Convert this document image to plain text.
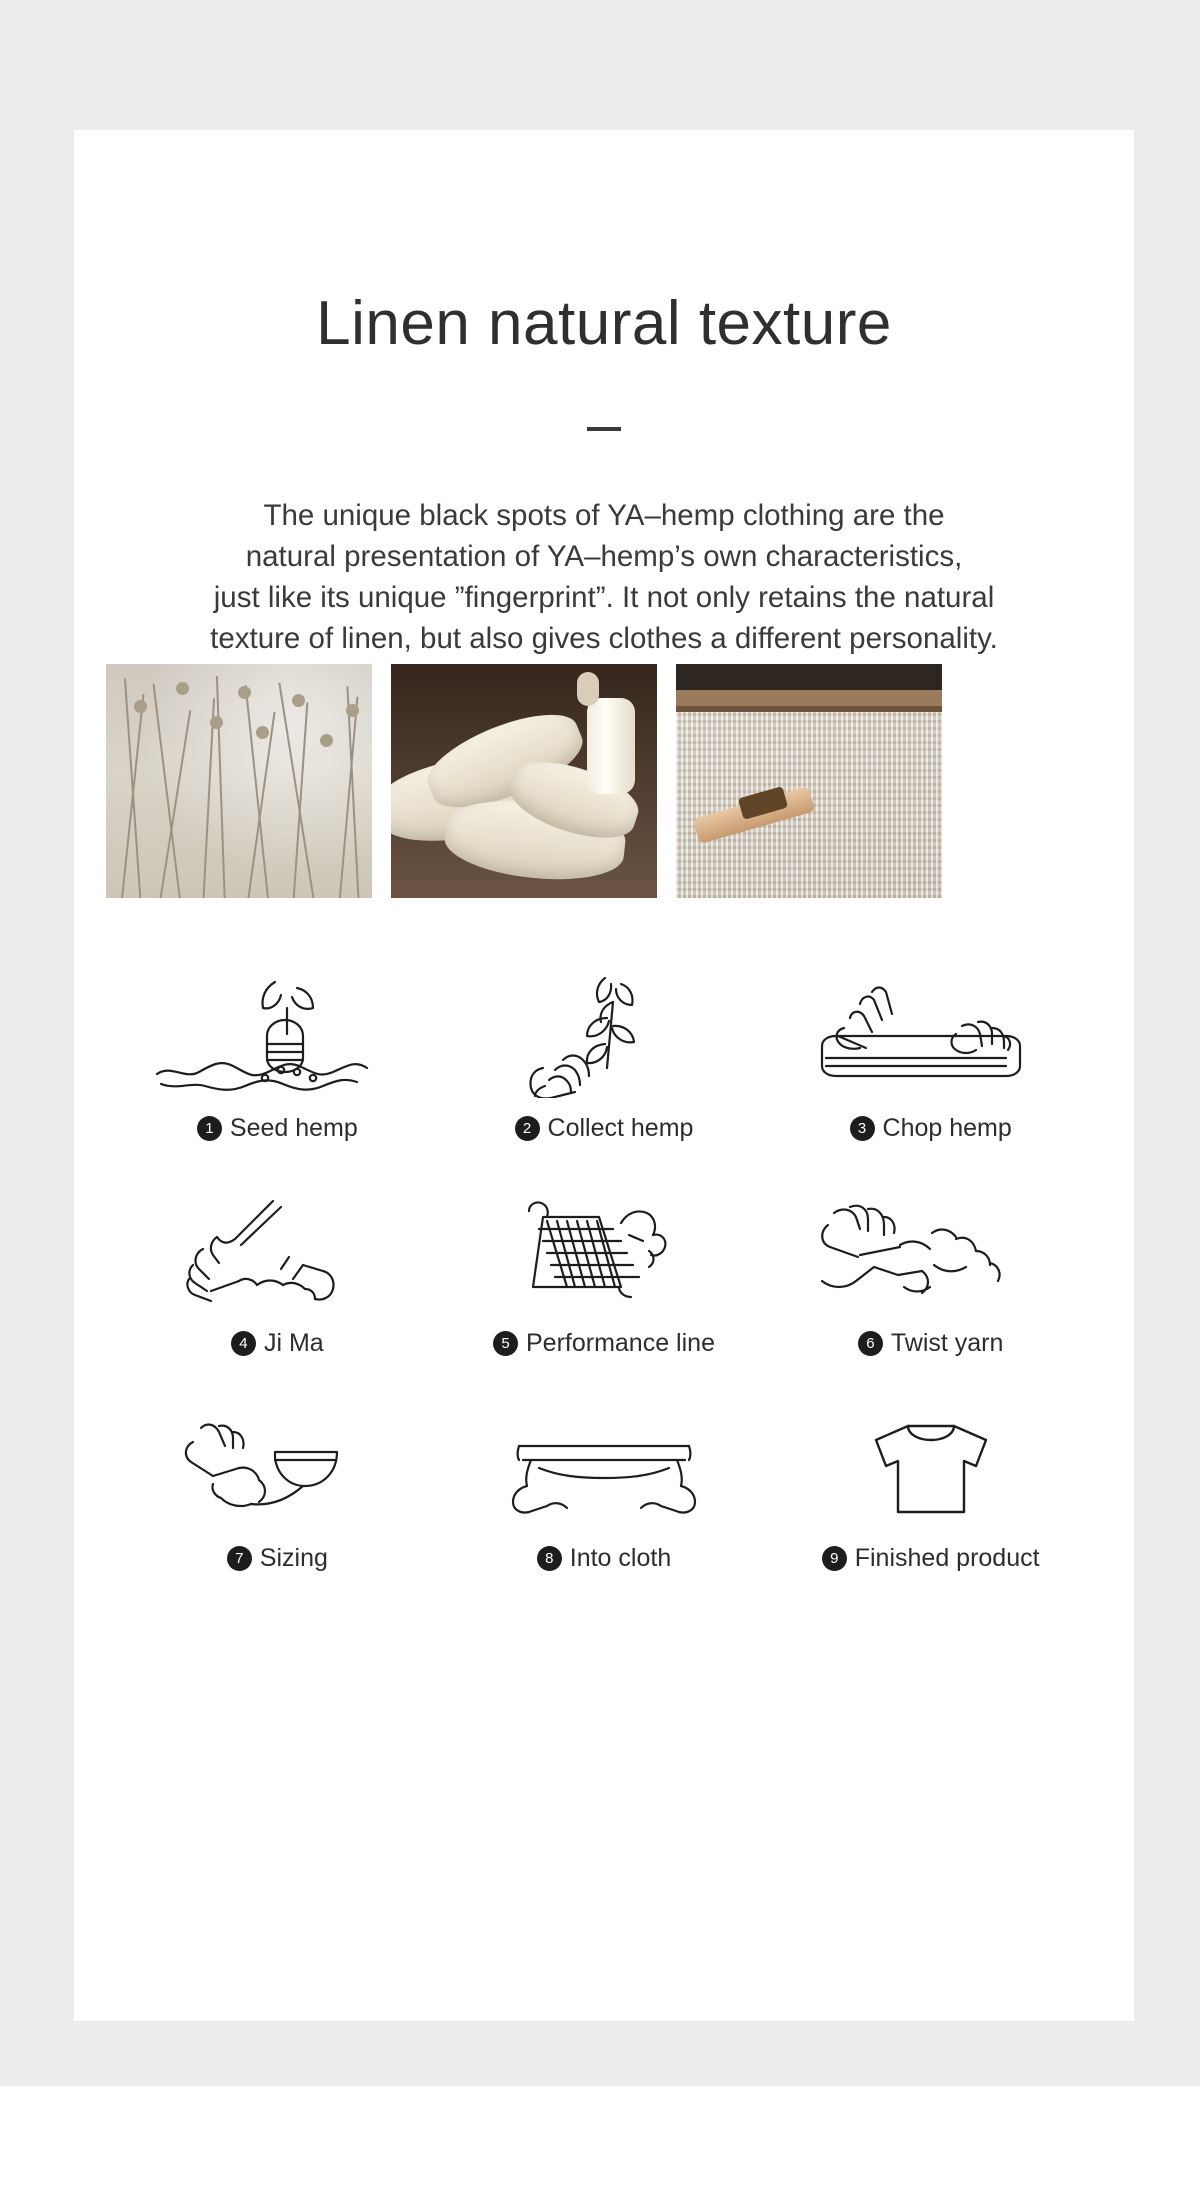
Linen natural texture

The unique black spots of YA–hemp clothing are the

natural presentation of YA–hemp’s own characteristics,

just like its unique ”fingerprint”. It not only retains the natural

texture of linen, but also gives clothes a different personality.

1 Seed hemp	2 Collect hemp	3 Chop hemp
4 Ji Ma	5 Performance line	6 Twist yarn
7 Sizing	8 Into cloth	9 Finished product
